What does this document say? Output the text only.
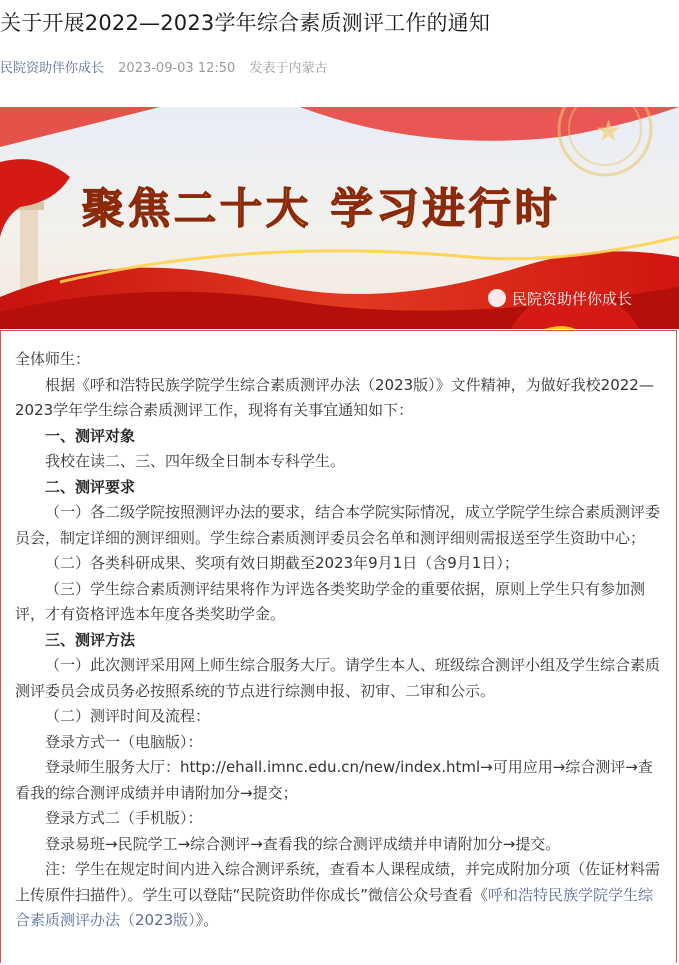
关于开展2022—2023学年综合素质测评工作的通知
民院资助伴你成长 2023-09-03 12:50 发表于内蒙古
★
聚焦二十大 学习进行时
民院资助伴你成长

全体师生：

根据《呼和浩特民族学院学生综合素质测评办法（2023版）》文件精神，为做好我校2022—2023学年学生综合素质测评工作，现将有关事宜通知如下：

一、测评对象

我校在读二、三、四年级全日制本专科学生。

二、测评要求

（一）各二级学院按照测评办法的要求，结合本学院实际情况，成立学院学生综合素质测评委员会，制定详细的测评细则。学生综合素质测评委员会名单和测评细则需报送至学生资助中心；

（二）各类科研成果、奖项有效日期截至2023年9月1日（含9月1日）；

（三）学生综合素质测评结果将作为评选各类奖助学金的重要依据，原则上学生只有参加测评，才有资格评选本年度各类奖助学金。

三、测评方法

（一）此次测评采用网上师生综合服务大厅。请学生本人、班级综合测评小组及学生综合素质测评委员会成员务必按照系统的节点进行综测申报、初审、二审和公示。

（二）测评时间及流程：

登录方式一（电脑版）：

登录师生服务大厅：http://ehall.imnc.edu.cn/new/index.html→可用应用→综合测评→查看我的综合测评成绩并申请附加分→提交；

登录方式二（手机版）：

登录易班→民院学工→综合测评→查看我的综合测评成绩并申请附加分→提交。

注：学生在规定时间内进入综合测评系统，查看本人课程成绩，并完成附加分项（佐证材料需上传原件扫描件）。学生可以登陆“民院资助伴你成长”微信公众号查看《呼和浩特民族学院学生综合素质测评办法（2023版）》。
